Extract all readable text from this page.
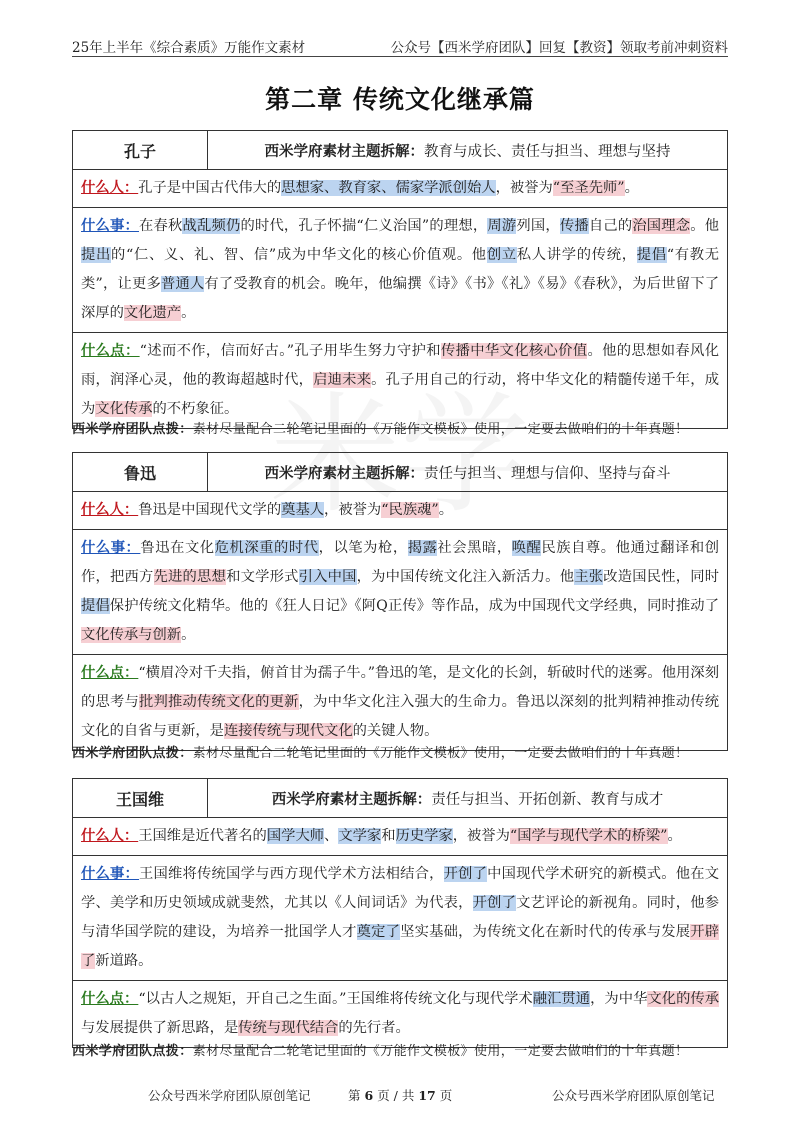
25年上半年《综合素质》万能作文素材	公众号【西米学府团队】回复【教资】领取考前冲刺资料
第二章 传统文化继承篇
孔子	西米学府素材主题拆解： 教育与成长、责任与担当、理想与坚持
什么人：孔子是中国古代伟大的思想家、教育家、儒家学派创始人，被誉为“至圣先师”。
什么事：在春秋战乱频仍的时代，孔子怀揣“仁义治国”的理想，周游列国，传播自己的治国理念。他提出的“仁、义、礼、智、信”成为中华文化的核心价值观。他创立私人讲学的传统，提倡“有教无类”，让更多普通人有了受教育的机会。晚年，他编撰《诗》《书》《礼》《易》《春秋》，为后世留下了深厚的文化遗产。
什么点：“述而不作，信而好古。”孔子用毕生努力守护和传播中华文化核心价值。他的思想如春风化雨，润泽心灵，他的教诲超越时代，启迪未来。孔子用自己的行动，将中华文化的精髓传递千年，成为文化传承的不朽象征。
西米学府团队点拨：素材尽量配合二轮笔记里面的《万能作文模板》使用，一定要去做咱们的十年真题！
鲁迅	西米学府素材主题拆解： 责任与担当、理想与信仰、坚持与奋斗
什么人：鲁迅是中国现代文学的奠基人，被誉为“民族魂”。
什么事：鲁迅在文化危机深重的时代，以笔为枪，揭露社会黑暗，唤醒民族自尊。他通过翻译和创作，把西方先进的思想和文学形式引入中国，为中国传统文化注入新活力。他主张改造国民性，同时提倡保护传统文化精华。他的《狂人日记》《阿Q正传》等作品，成为中国现代文学经典，同时推动了文化传承与创新。
什么点：“横眉冷对千夫指，俯首甘为孺子牛。”鲁迅的笔，是文化的长剑，斩破时代的迷雾。他用深刻的思考与批判推动传统文化的更新，为中华文化注入强大的生命力。鲁迅以深刻的批判精神推动传统文化的自省与更新，是连接传统与现代文化的关键人物。
西米学府团队点拨：素材尽量配合二轮笔记里面的《万能作文模板》使用，一定要去做咱们的十年真题！
王国维	西米学府素材主题拆解： 责任与担当、开拓创新、教育与成才
什么人：王国维是近代著名的国学大师、文学家和历史学家，被誉为“国学与现代学术的桥梁”。
什么事：王国维将传统国学与西方现代学术方法相结合，开创了中国现代学术研究的新模式。他在文学、美学和历史领域成就斐然，尤其以《人间词话》为代表，开创了文艺评论的新视角。同时，他参与清华国学院的建设，为培养一批国学人才奠定了坚实基础，为传统文化在新时代的传承与发展开辟了新道路。
什么点：“以古人之规矩，开自己之生面。”王国维将传统文化与现代学术融汇贯通，为中华文化的传承与发展提供了新思路，是传统与现代结合的先行者。
西米学府团队点拨：素材尽量配合二轮笔记里面的《万能作文模板》使用，一定要去做咱们的十年真题！
公众号西米学府团队原创笔记	第 6 页 / 共 17 页	公众号西米学府团队原创笔记
